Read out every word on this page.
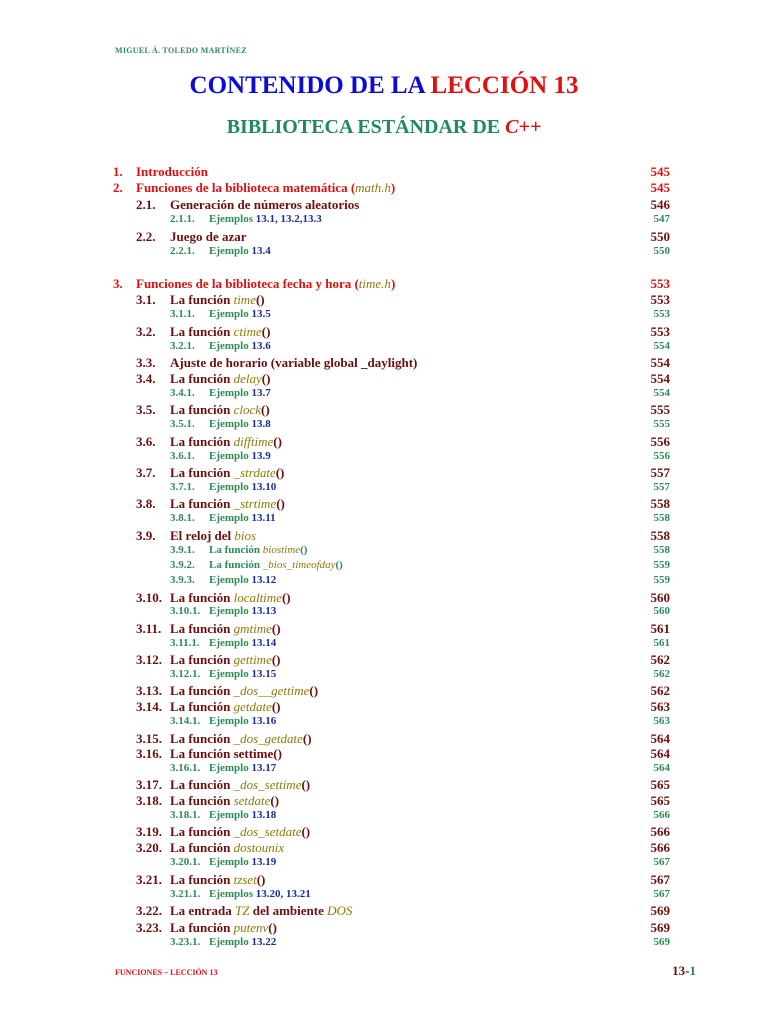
MIGUEL Á. TOLEDO MARTÍNEZ
CONTENIDO DE LA LECCIÓN 13
BIBLIOTECA ESTÁNDAR DE C++
1. Introducción	545
2. Funciones de la biblioteca matemática (math.h)	545
2.1. Generación de números aleatorios	546
2.1.1. Ejemplos 13.1, 13.2,13.3	547
2.2. Juego de azar	550
2.2.1. Ejemplo 13.4	550
3. Funciones de la biblioteca fecha y hora (time.h)	553
3.1. La función time()	553
3.1.1. Ejemplo 13.5	553
3.2. La función ctime()	553
3.2.1. Ejemplo 13.6	554
3.3. Ajuste de horario (variable global _daylight)	554
3.4. La función delay()	554
3.4.1. Ejemplo 13.7	554
3.5. La función clock()	555
3.5.1. Ejemplo 13.8	555
3.6. La función difftime()	556
3.6.1. Ejemplo 13.9	556
3.7. La función _strdate()	557
3.7.1. Ejemplo 13.10	557
3.8. La función _strtime()	558
3.8.1. Ejemplo 13.11	558
3.9. El reloj del bios	558
3.9.1. La función biostime()	558
3.9.2. La función _bios_timeofday()	559
3.9.3. Ejemplo 13.12	559
3.10. La función localtime()	560
3.10.1. Ejemplo 13.13	560
3.11. La función gmtime()	561
3.11.1. Ejemplo 13.14	561
3.12. La función gettime()	562
3.12.1. Ejemplo 13.15	562
3.13. La función _dos__gettime()	562
3.14. La función getdate()	563
3.14.1. Ejemplo 13.16	563
3.15. La función _dos_getdate()	564
3.16. La función settime()	564
3.16.1. Ejemplo 13.17	564
3.17. La función _dos_settime()	565
3.18. La función setdate()	565
3.18.1. Ejemplo 13.18	566
3.19. La función _dos_setdate()	566
3.20. La función dostounix	566
3.20.1. Ejemplo 13.19	567
3.21. La función tzset()	567
3.21.1. Ejemplos 13.20, 13.21	567
3.22. La entrada TZ del ambiente DOS	569
3.23. La función putenv()	569
3.23.1. Ejemplo 13.22	569
FUNCIONES – LECCIÓN 13	13-1
